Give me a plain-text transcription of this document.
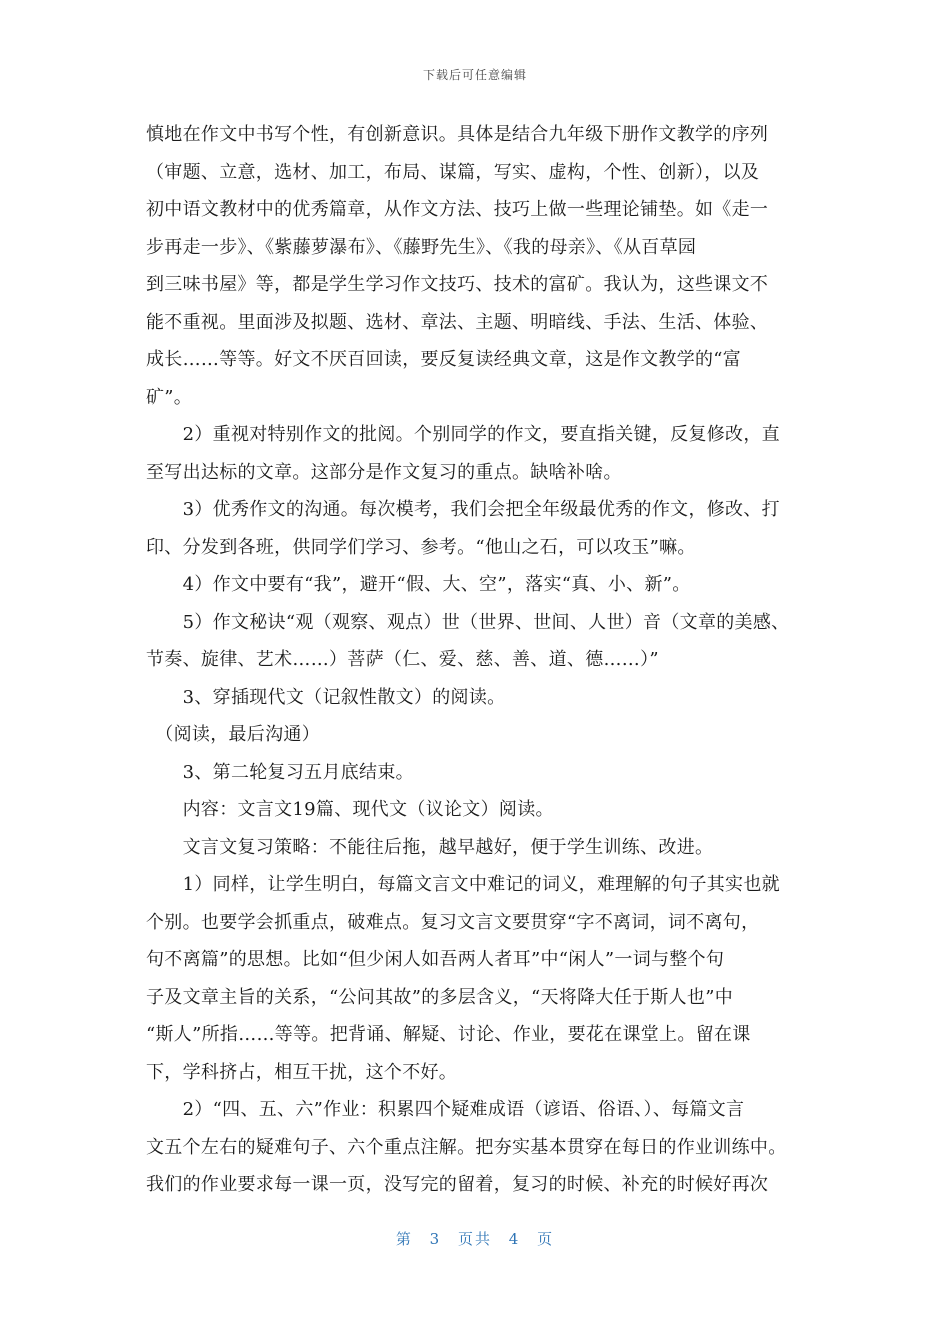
下载后可任意编辑
慎地在作文中书写个性，有创新意识。具体是结合九年级下册作文教学的序列
（审题、立意，选材、加工，布局、谋篇，写实、虚构，个性、创新），以及
初中语文教材中的优秀篇章，从作文方法、技巧上做一些理论铺垫。如《走一
步再走一步》、《紫藤萝瀑布》、《藤野先生》、《我的母亲》、《从百草园
到三味书屋》等，都是学生学习作文技巧、技术的富矿。我认为，这些课文不
能不重视。里面涉及拟题、选材、章法、主题、明暗线、手法、生活、体验、
成长……等等。好文不厌百回读，要反复读经典文章，这是作文教学的“富
矿”。
　　2）重视对特别作文的批阅。个别同学的作文，要直指关键，反复修改，直
至写出达标的文章。这部分是作文复习的重点。缺啥补啥。
　　3）优秀作文的沟通。每次模考，我们会把全年级最优秀的作文，修改、打
印、分发到各班，供同学们学习、参考。“他山之石，可以攻玉”嘛。
　　4）作文中要有“我”，避开“假、大、空”，落实“真、小、新”。
　　5）作文秘诀“观（观察、观点）世（世界、世间、人世）音（文章的美感、
节奏、旋律、艺术……）菩萨（仁、爱、慈、善、道、德……）”
　　3、穿插现代文（记叙性散文）的阅读。
　（阅读，最后沟通）
　　3、第二轮复习五月底结束。
　　内容：文言文19篇、现代文（议论文）阅读。
　　文言文复习策略：不能往后拖，越早越好，便于学生训练、改进。
　　1）同样，让学生明白，每篇文言文中难记的词义，难理解的句子其实也就
个别。也要学会抓重点，破难点。复习文言文要贯穿“字不离词，词不离句，
句不离篇”的思想。比如“但少闲人如吾两人者耳”中“闲人”一词与整个句
子及文章主旨的关系，“公问其故”的多层含义，“天将降大任于斯人也”中
“斯人”所指……等等。把背诵、解疑、讨论、作业，要花在课堂上。留在课
下，学科挤占，相互干扰，这个不好。
　　2）“四、五、六”作业：积累四个疑难成语（谚语、俗语、）、每篇文言
文五个左右的疑难句子、六个重点注解。把夯实基本贯穿在每日的作业训练中。
我们的作业要求每一课一页，没写完的留着，复习的时候、补充的时候好再次
第 3 页共 4 页
